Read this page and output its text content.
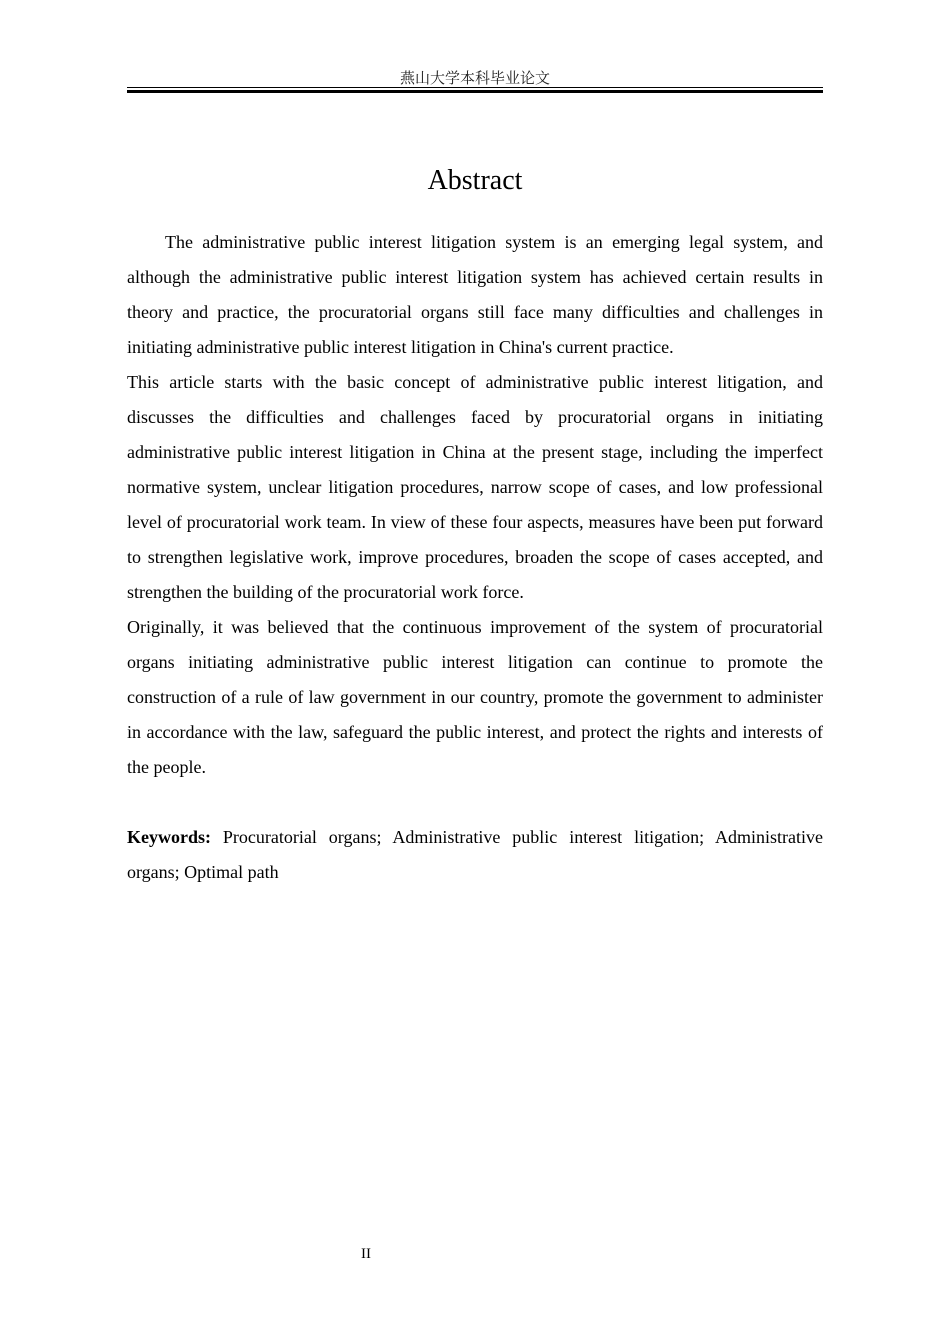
燕山大学本科毕业论文
Abstract

The administrative public interest litigation system is an emerging legal system, and although the administrative public interest litigation system has achieved certain results in theory and practice, the procuratorial organs still face many difficulties and challenges in initiating administrative public interest litigation in China's current practice.

This article starts with the basic concept of administrative public interest litigation, and discusses the difficulties and challenges faced by procuratorial organs in initiating administrative public interest litigation in China at the present stage, including the imperfect normative system, unclear litigation procedures, narrow scope of cases, and low professional level of procuratorial work team. In view of these four aspects, measures have been put forward to strengthen legislative work, improve procedures, broaden the scope of cases accepted, and strengthen the building of the procuratorial work force.

Originally, it was believed that the continuous improvement of the system of procuratorial organs initiating administrative public interest litigation can continue to promote the construction of a rule of law government in our country, promote the government to administer in accordance with the law, safeguard the public interest, and protect the rights and interests of the people.

Keywords: Procuratorial organs; Administrative public interest litigation; Administrative organs; Optimal path

II
